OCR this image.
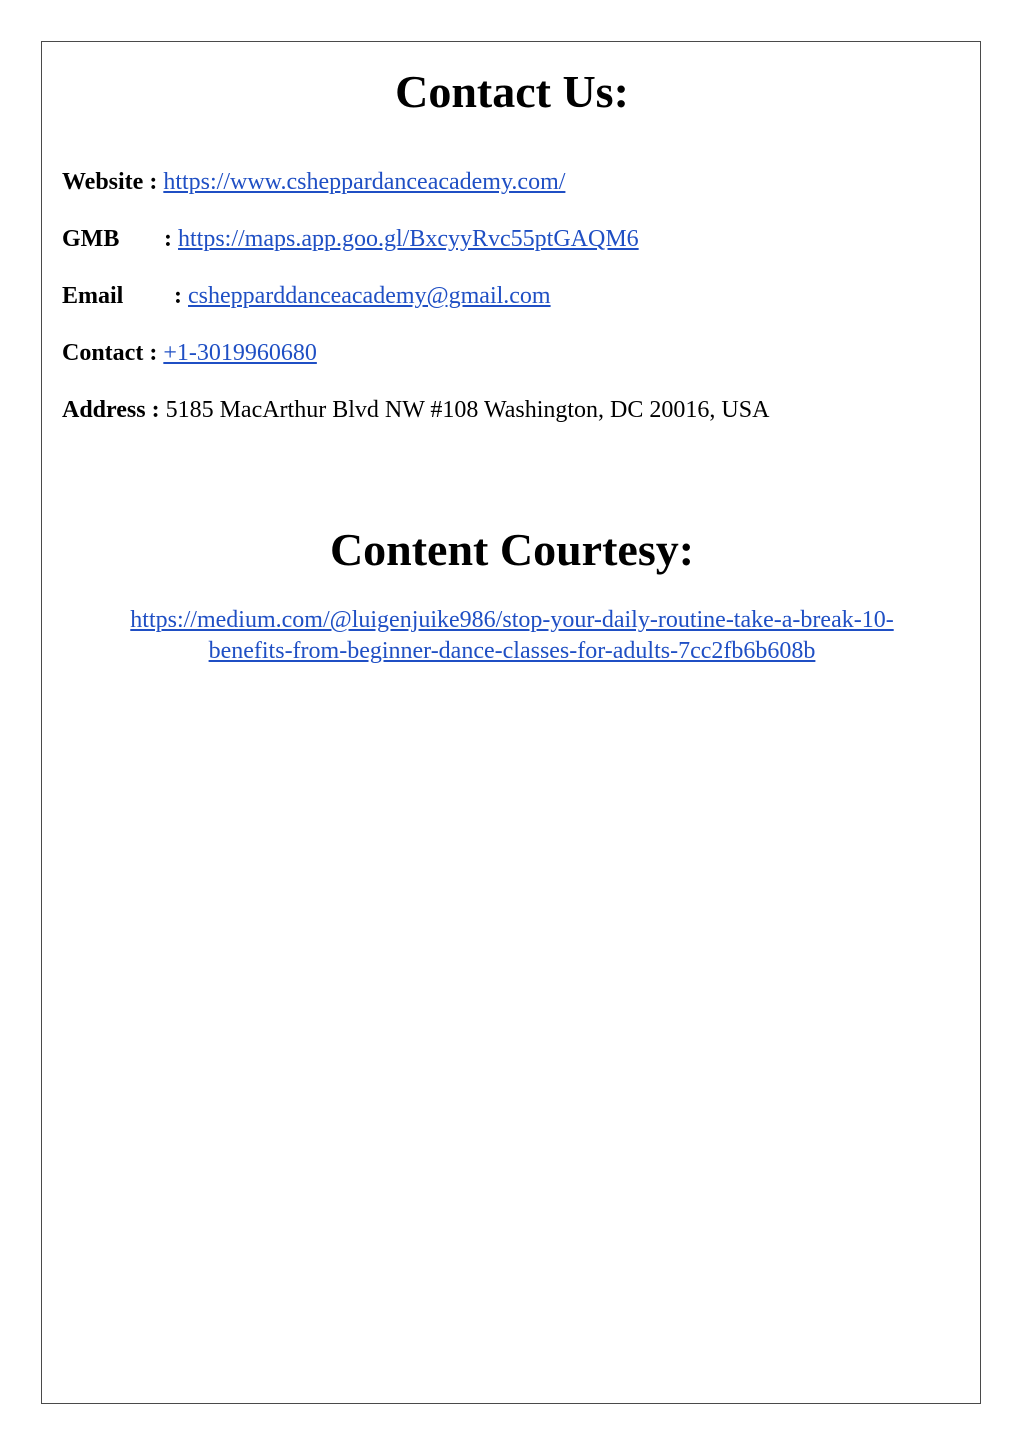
Contact Us:
Website : https://www.csheppardanceacademy.com/
GMB : https://maps.app.goo.gl/BxcyyRvc55ptGAQM6
Email : cshepparddanceacademy@gmail.com
Contact : +1-3019960680
Address : 5185 MacArthur Blvd NW #108 Washington, DC 20016, USA
Content Courtesy:
https://medium.com/@luigenjuike986/stop-your-daily-routine-take-a-break-10-
benefits-from-beginner-dance-classes-for-adults-7cc2fb6b608b
